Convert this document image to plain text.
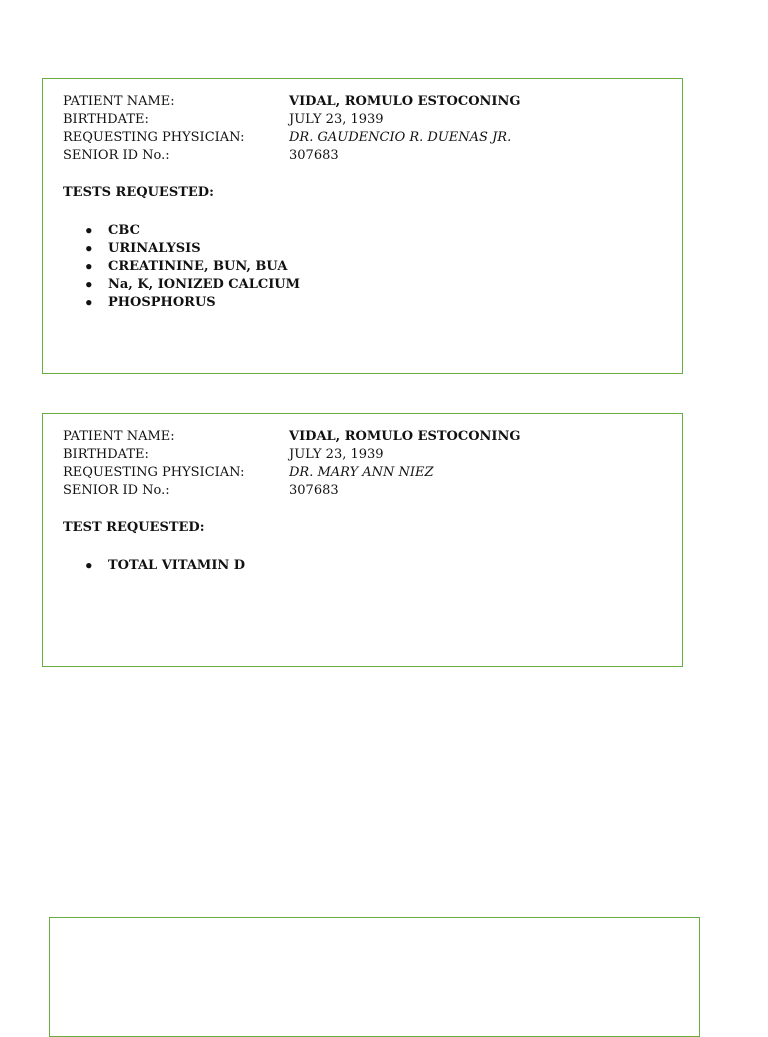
PATIENT NAME:	VIDAL, ROMULO ESTOCONING
BIRTHDATE:	JULY 23, 1939
REQUESTING PHYSICIAN:	DR. GAUDENCIO R. DUENAS JR.
SENIOR ID No.:	307683
TESTS REQUESTED:
• CBC
• URINALYSIS
• CREATININE, BUN, BUA
• Na, K, IONIZED CALCIUM
• PHOSPHORUS
PATIENT NAME:	VIDAL, ROMULO ESTOCONING
BIRTHDATE:	JULY 23, 1939
REQUESTING PHYSICIAN:	DR. MARY ANN NIEZ
SENIOR ID No.:	307683
TEST REQUESTED:
• TOTAL VITAMIN D
